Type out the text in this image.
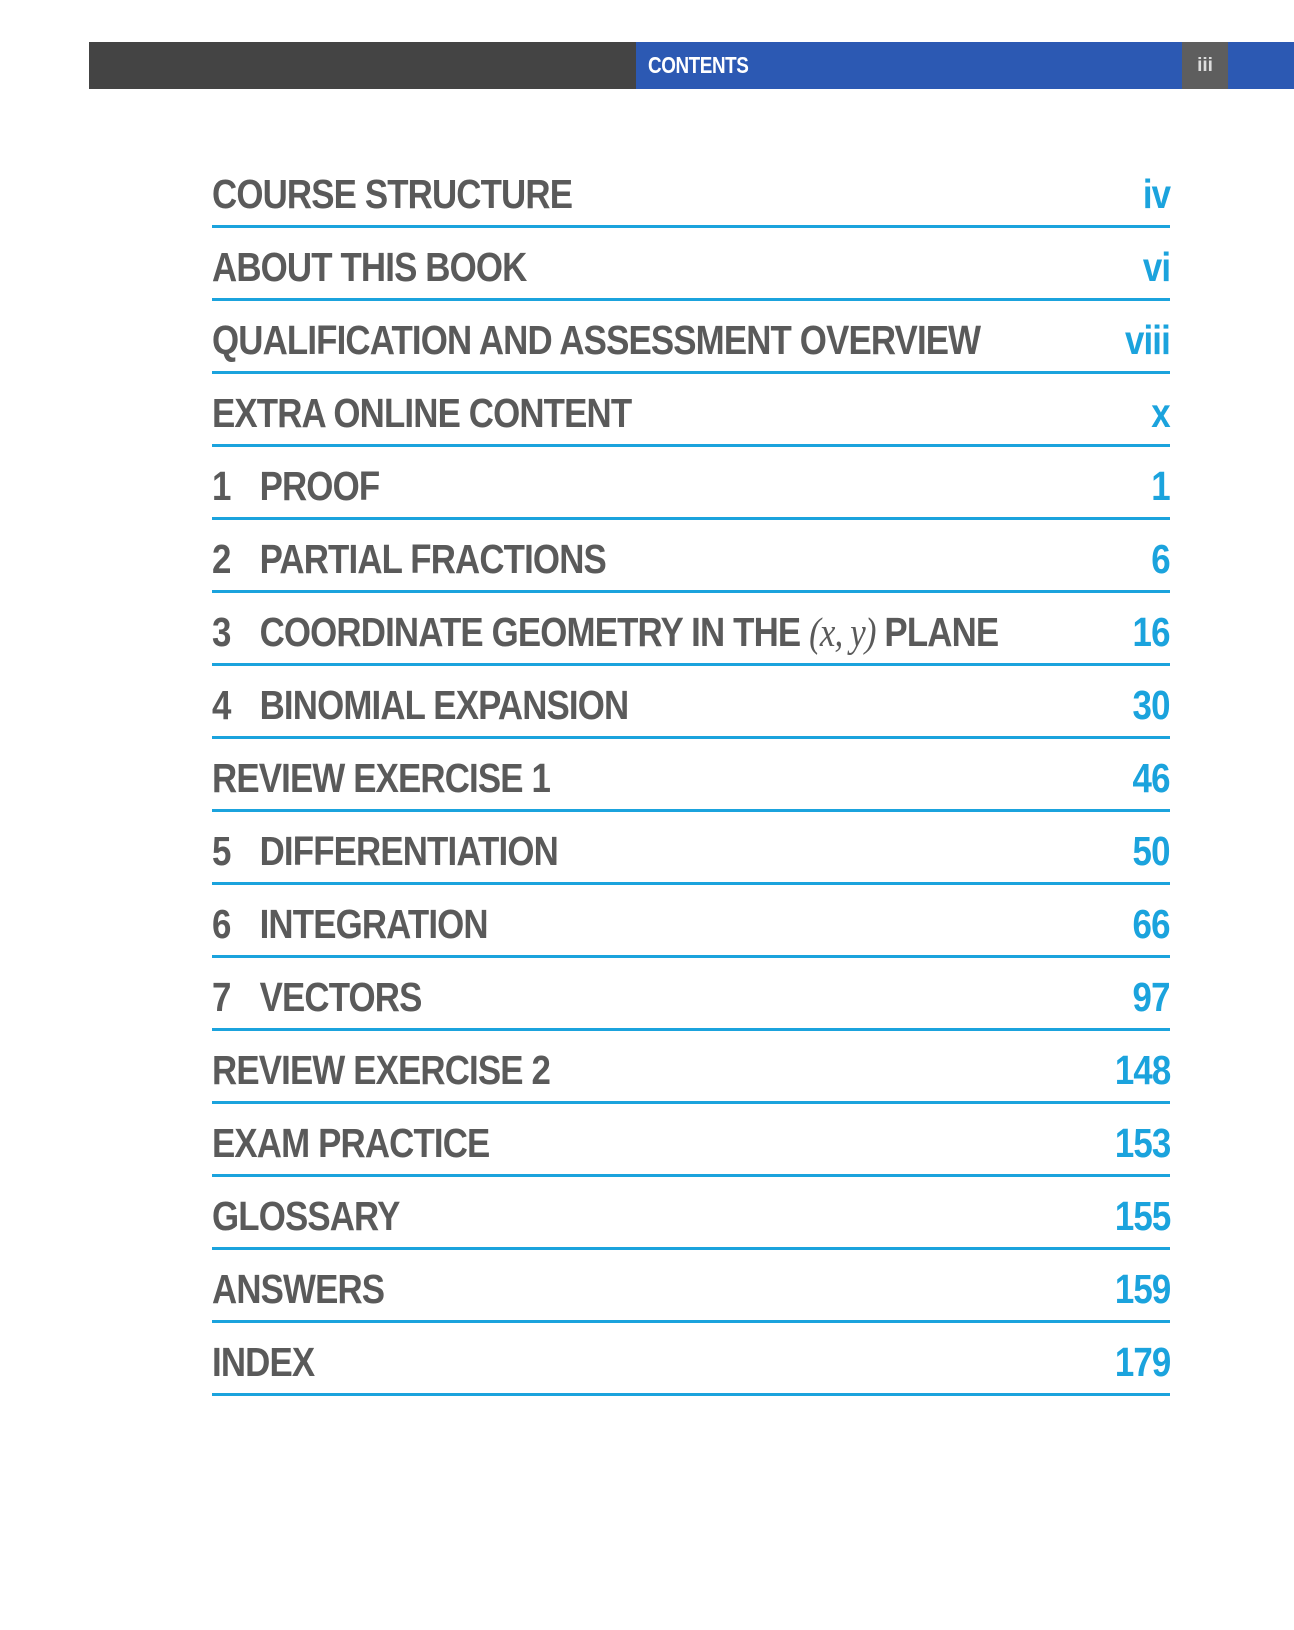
CONTENTS	iii
COURSE STRUCTURE	iv
ABOUT THIS BOOK	vi
QUALIFICATION AND ASSESSMENT OVERVIEW	viii
EXTRA ONLINE CONTENT	x
1 PROOF	1
2 PARTIAL FRACTIONS	6
3 COORDINATE GEOMETRY IN THE (x, y) PLANE	16
4 BINOMIAL EXPANSION	30
REVIEW EXERCISE 1	46
5 DIFFERENTIATION	50
6 INTEGRATION	66
7 VECTORS	97
REVIEW EXERCISE 2	148
EXAM PRACTICE	153
GLOSSARY	155
ANSWERS	159
INDEX	179
